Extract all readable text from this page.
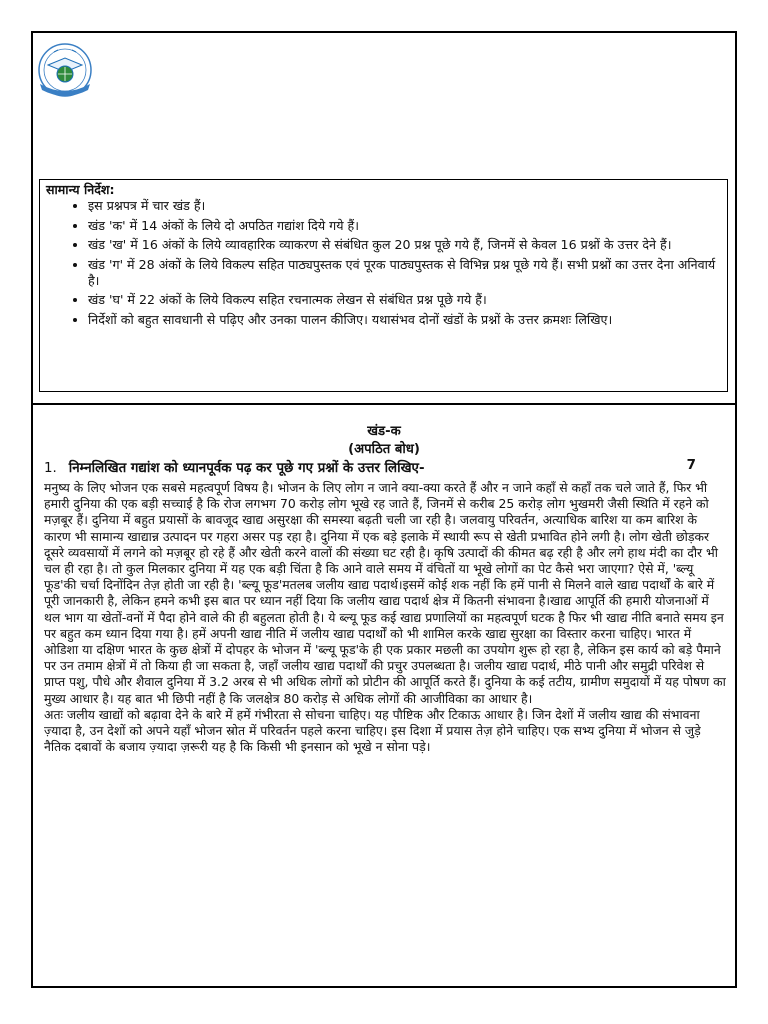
सामान्य निर्देश:

• इस प्रश्नपत्र में चार खंड हैं।
• खंड 'क' में 14 अंकों के लिये दो अपठित गद्यांश दिये गये हैं।
• खंड 'ख' में 16 अंकों के लिये व्यावहारिक व्याकरण से संबंधित कुल 20 प्रश्न पूछे गये हैं, जिनमें से केवल 16 प्रश्नों के उत्तर देने हैं।
• खंड 'ग' में 28 अंकों के लिये विकल्प सहित पाठ्यपुस्तक एवं पूरक पाठ्यपुस्तक से विभिन्न प्रश्न पूछे गये हैं। सभी प्रश्नों का उत्तर देना अनिवार्य है।
• खंड 'घ' में 22 अंकों के लिये विकल्प सहित रचनात्मक लेखन से संबंधित प्रश्न पूछे गये हैं।
• निर्देशों को बहुत सावधानी से पढ़िए और उनका पालन कीजिए। यथासंभव दोनों खंडों के प्रश्नों के उत्तर क्रमशः लिखिए।

खंड-क

(अपठित बोध)

1. निम्नलिखित गद्यांश को ध्यानपूर्वक पढ़ कर पूछे गए प्रश्नों के उत्तर लिखिए-	7

मनुष्य के लिए भोजन एक सबसे महत्वपूर्ण विषय है। भोजन के लिए लोग न जाने क्या-क्या करते हैं और न जाने कहाँ से कहाँ तक चले जाते हैं, फिर भी हमारी दुनिया की एक बड़ी सच्चाई है कि रोज लगभग 70 करोड़ लोग भूखे रह जाते हैं, जिनमें से करीब 25 करोड़ लोग भुखमरी जैसी स्थिति में रहने को मज़बूर हैं। दुनिया में बहुत प्रयासों के बावजूद खाद्य असुरक्षा की समस्या बढ़ती चली जा रही है। जलवायु परिवर्तन, अत्याधिक बारिश या कम बारिश के कारण भी सामान्य खाद्यान्न उत्पादन पर गहरा असर पड़ रहा है। दुनिया में एक बड़े इलाके में स्थायी रूप से खेती प्रभावित होने लगी है। लोग खेती छोड़कर दूसरे व्यवसायों में लगने को मज़बूर हो रहे हैं और खेती करने वालों की संख्या घट रही है। कृषि उत्पादों की कीमत बढ़ रही है और लगे हाथ मंदी का दौर भी चल ही रहा है। तो कुल मिलकार दुनिया में यह एक बड़ी चिंता है कि आने वाले समय में वंचितों या भूखे लोगों का पेट कैसे भरा जाएगा? ऐसे में, 'ब्ल्यू फूड'की चर्चा दिनोंदिन तेज़ होती जा रही है। 'ब्ल्यू फूड'मतलब जलीय खाद्य पदार्थ।इसमें कोई शक नहीं कि हमें पानी से मिलने वाले खाद्य पदार्थों के बारे में पूरी जानकारी है, लेकिन हमने कभी इस बात पर ध्यान नहीं दिया कि जलीय खाद्य पदार्थ क्षेत्र में कितनी संभावना है।खाद्य आपूर्ति की हमारी योजनाओं में थल भाग या खेतों-वनों में पैदा होने वाले की ही बहुलता होती है। ये ब्ल्यू फूड कई खाद्य प्रणालियों का महत्वपूर्ण घटक है फिर भी खाद्य नीति बनाते समय इन पर बहुत कम ध्यान दिया गया है। हमें अपनी खाद्य नीति में जलीय खाद्य पदार्थों को भी शामिल करके खाद्य सुरक्षा का विस्तार करना चाहिए। भारत में ओडिशा या दक्षिण भारत के कुछ क्षेत्रों में दोपहर के भोजन में 'ब्ल्यू फूड'के ही एक प्रकार मछली का उपयोग शुरू हो रहा है, लेकिन इस कार्य को बड़े पैमाने पर उन तमाम क्षेत्रों में तो किया ही जा सकता है, जहाँ जलीय खाद्य पदार्थों की प्रचुर उपलब्धता है। जलीय खाद्य पदार्थ, मीठे पानी और समुद्री परिवेश से प्राप्त पशु, पौधे और शैवाल दुनिया में 3.2 अरब से भी अधिक लोगों को प्रोटीन की आपूर्ति करते हैं। दुनिया के कई तटीय, ग्रामीण समुदायों में यह पोषण का मुख्य आधार है। यह बात भी छिपी नहीं है कि जलक्षेत्र 80 करोड़ से अधिक लोगों की आजीविका का आधार है।

अतः जलीय खाद्यों को बढ़ावा देने के बारे में हमें गंभीरता से सोचना चाहिए। यह पौष्टिक और टिकाऊ आधार है। जिन देशों में जलीय खाद्य की संभावना ज़्यादा है, उन देशों को अपने यहाँ भोजन स्रोत में परिवर्तन पहले करना चाहिए। इस दिशा में प्रयास तेज़ होने चाहिए। एक सभ्य दुनिया में भोजन से जुड़े नैतिक दबावों के बजाय ज़्यादा ज़रूरी यह है कि किसी भी इनसान को भूखे न सोना पड़े।
